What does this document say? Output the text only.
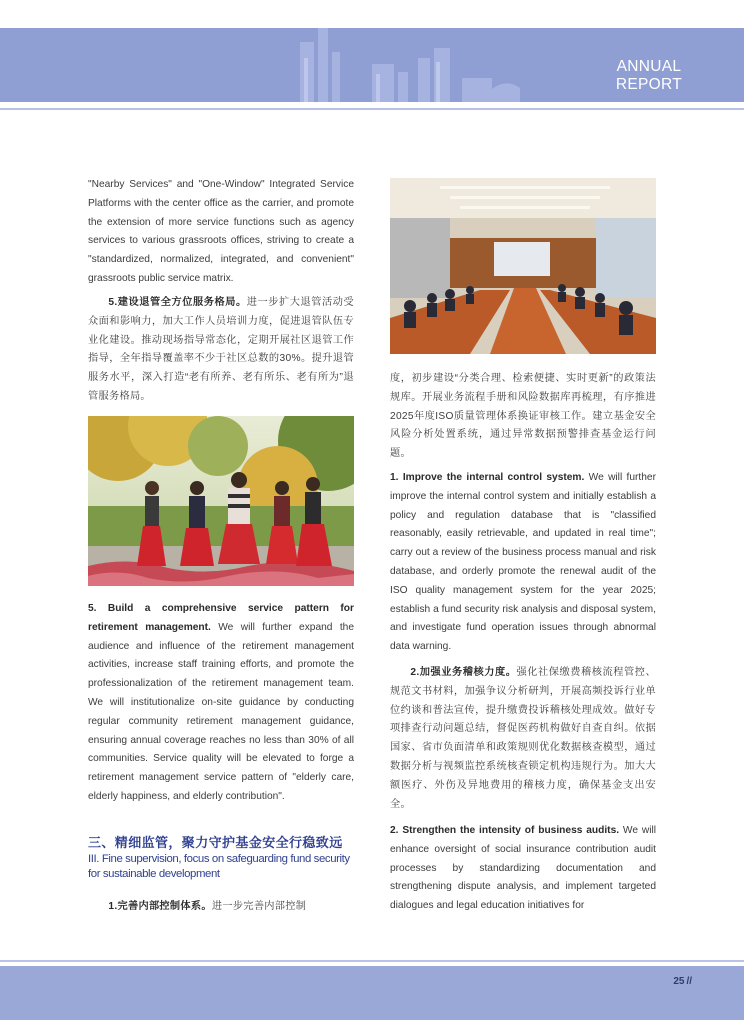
ANNUAL
REPORT

"Nearby Services" and "One-Window" Integrated Service Platforms with the center office as the carrier, and promote the extension of more service functions such as agency services to various grassroots offices, striving to create a "standardized, normalized, integrated, and convenient" grassroots public service matrix.

5.建设退管全方位服务格局。进一步扩大退管活动受众面和影响力，加大工作人员培训力度，促进退管队伍专业化建设。推动现场指导常态化，定期开展社区退管工作指导，全年指导覆盖率不少于社区总数的30%。提升退管服务水平，深入打造“老有所养、老有所乐、老有所为”退管服务格局。

5. Build a comprehensive service pattern for retirement management. We will further expand the audience and influence of the retirement management activities, increase staff training efforts, and promote the professionalization of the retirement management team. We will institutionalize on-site guidance by conducting regular community retirement management guidance, ensuring annual coverage reaches no less than 30% of all communities. Service quality will be elevated to forge a retirement management service pattern of "elderly care, elderly happiness, and elderly contribution".

三、精细监管，聚力守护基金安全行稳致远
III. Fine supervision, focus on safeguarding fund security for sustainable development

1.完善内部控制体系。进一步完善内部控制

度，初步建设“分类合理、检索便捷、实时更新”的政策法规库。开展业务流程手册和风险数据库再梳理，有序推进2025年度ISO质量管理体系换证审核工作。建立基金安全风险分析处置系统，通过异常数据预警排查基金运行问题。

1. Improve the internal control system. We will further improve the internal control system and initially establish a policy and regulation database that is "classified reasonably, easily retrievable, and updated in real time"; carry out a review of the business process manual and risk database, and orderly promote the renewal audit of the ISO quality management system for the year 2025; establish a fund security risk analysis and disposal system, and investigate fund operation issues through abnormal data warning.

2.加强业务稽核力度。强化社保缴费稽核流程管控、规范文书材料，加强争议分析研判，开展高频投诉行业单位约谈和普法宣传，提升缴费投诉稽核处理成效。做好专项排查行动问题总结，督促医药机构做好自查自纠。依据国家、省市负面清单和政策规则优化数据核查模型，通过数据分析与视频监控系统核查锁定机构违规行为。加大大额医疗、外伤及异地费用的稽核力度，确保基金支出安全。

2. Strengthen the intensity of business audits. We will enhance oversight of social insurance contribution audit processes by standardizing documentation and strengthening dispute analysis, and implement targeted dialogues and legal education initiatives for

25 //
